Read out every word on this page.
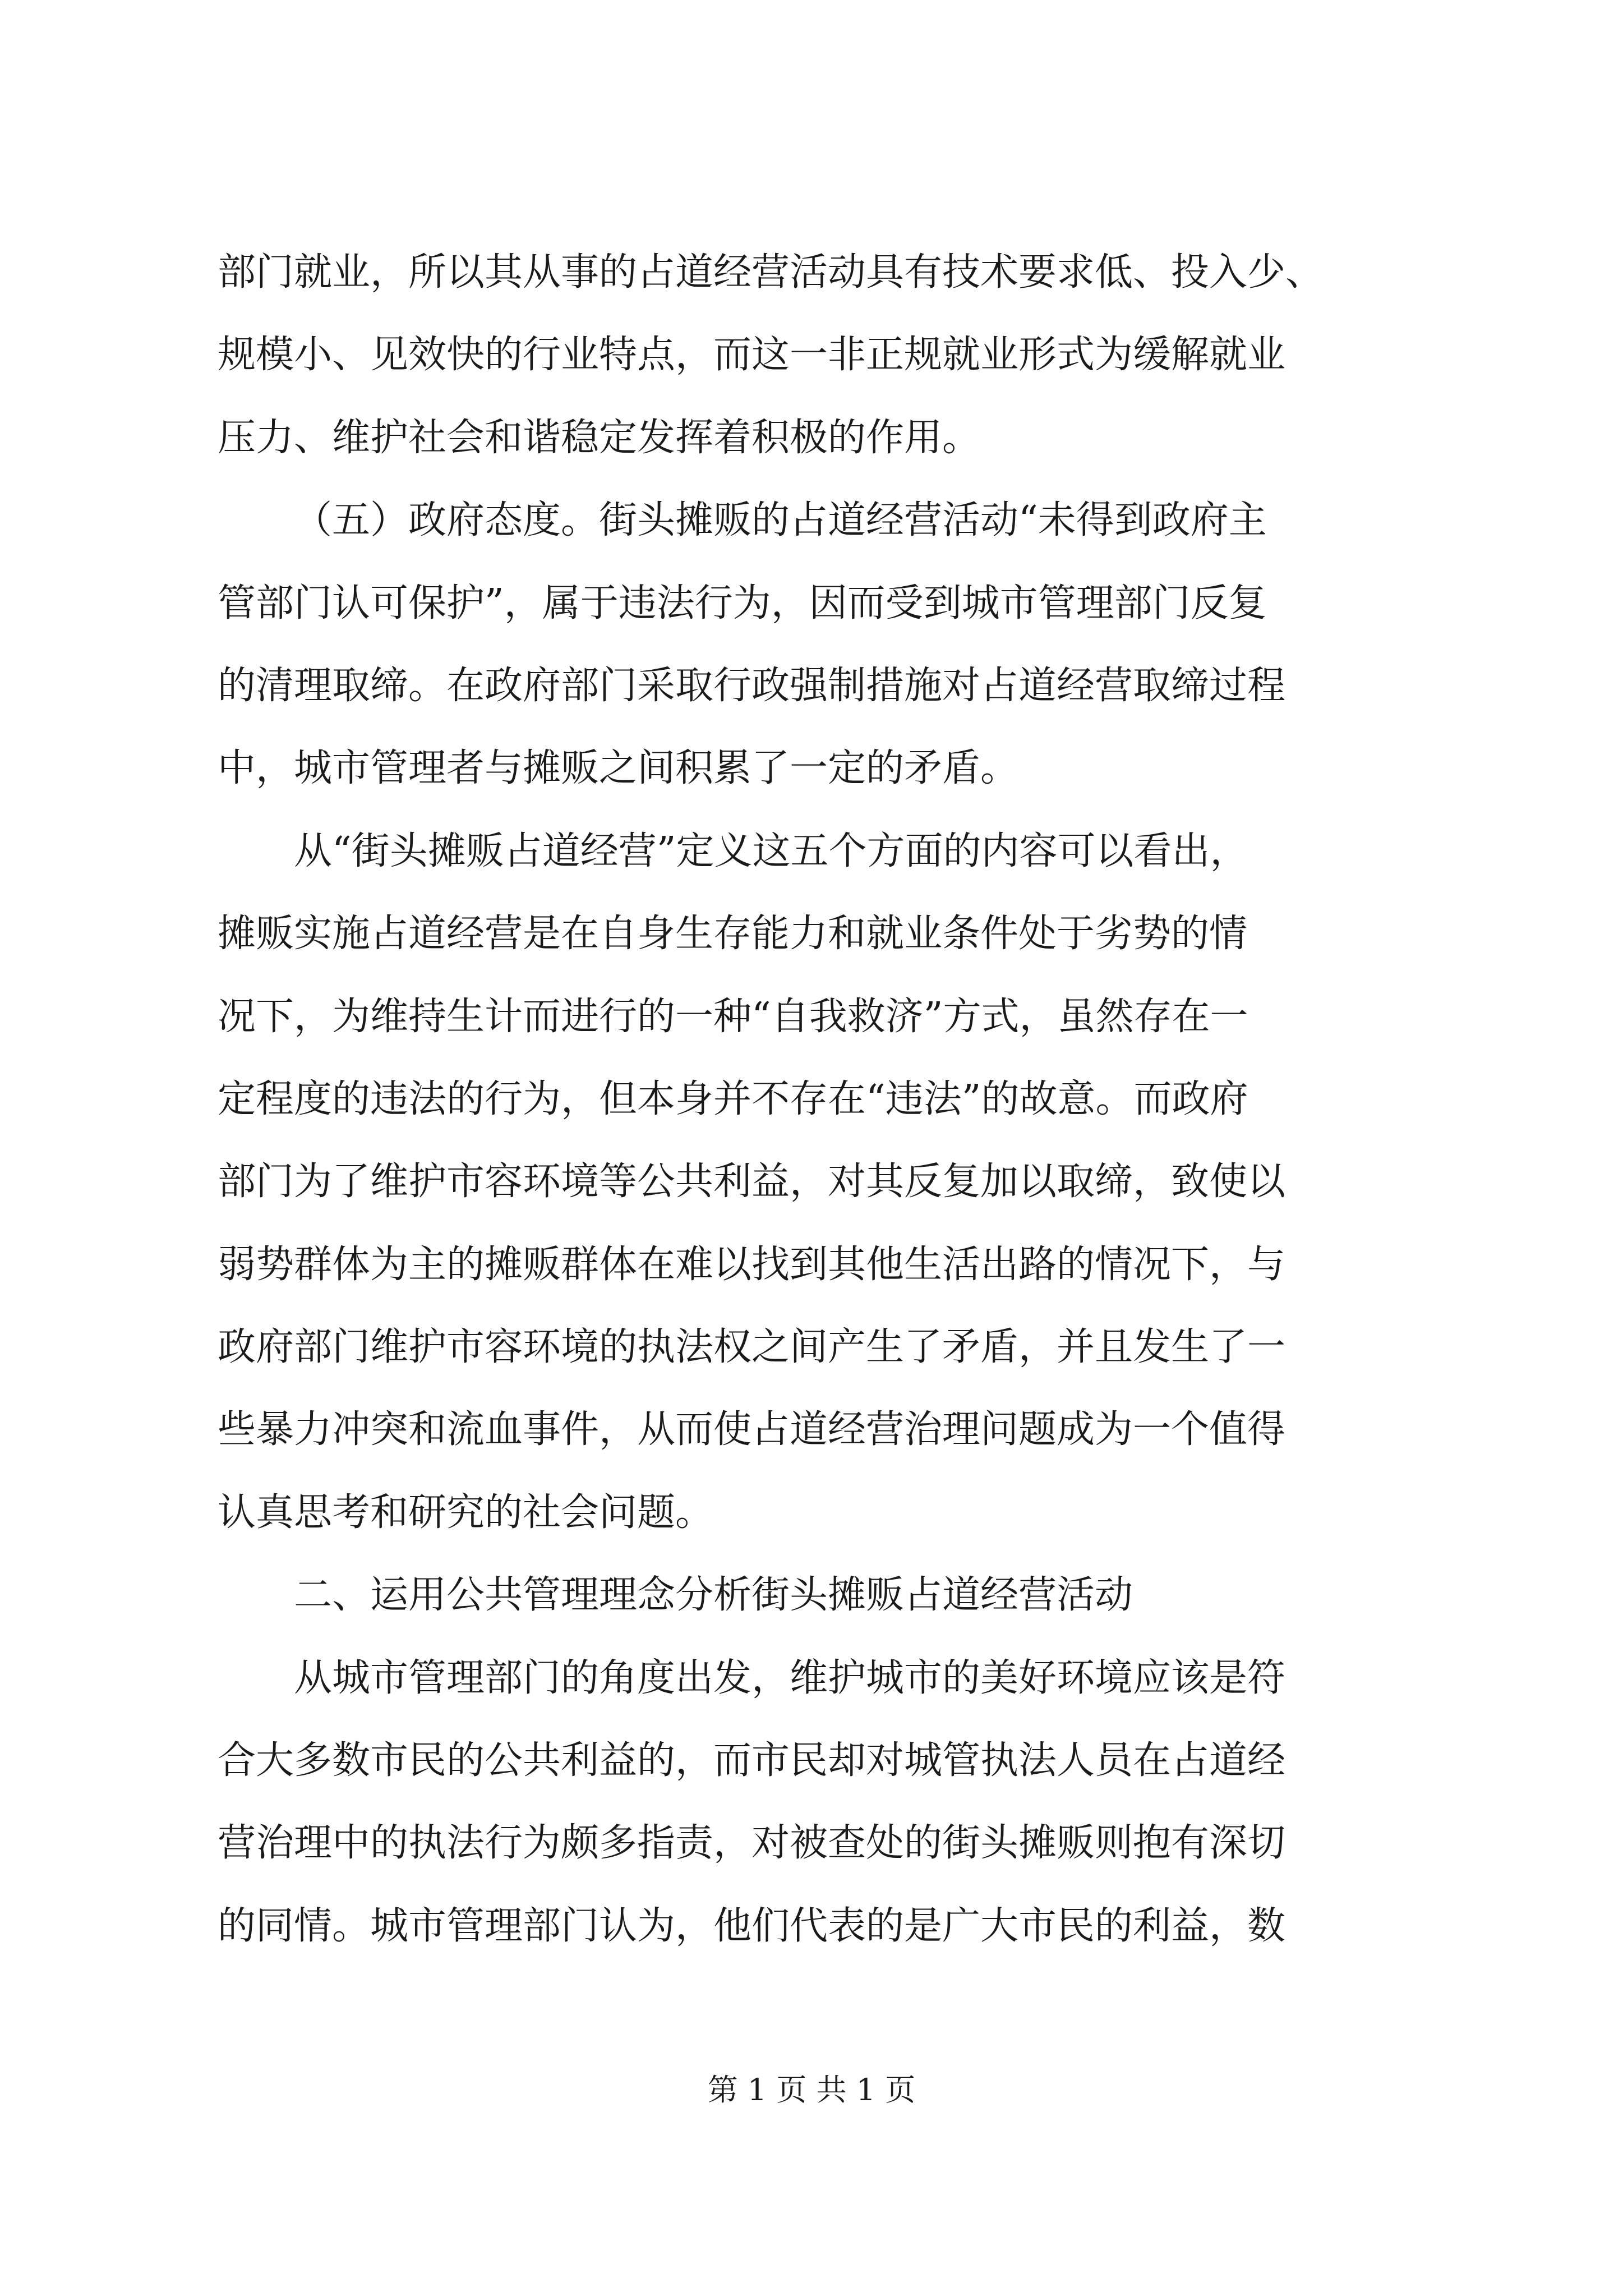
部门就业，所以其从事的占道经营活动具有技术要求低、投入少、
规模小、见效快的行业特点，而这一非正规就业形式为缓解就业
压力、维护社会和谐稳定发挥着积极的作用。
（五）政府态度。街头摊贩的占道经营活动“未得到政府主
管部门认可保护”，属于违法行为，因而受到城市管理部门反复
的清理取缔。在政府部门采取行政强制措施对占道经营取缔过程
中，城市管理者与摊贩之间积累了一定的矛盾。
从“街头摊贩占道经营”定义这五个方面的内容可以看出，
摊贩实施占道经营是在自身生存能力和就业条件处于劣势的情
况下，为维持生计而进行的一种“自我救济”方式，虽然存在一
定程度的违法的行为，但本身并不存在“违法”的故意。而政府
部门为了维护市容环境等公共利益，对其反复加以取缔，致使以
弱势群体为主的摊贩群体在难以找到其他生活出路的情况下，与
政府部门维护市容环境的执法权之间产生了矛盾，并且发生了一
些暴力冲突和流血事件，从而使占道经营治理问题成为一个值得
认真思考和研究的社会问题。
二、运用公共管理理念分析街头摊贩占道经营活动
从城市管理部门的角度出发，维护城市的美好环境应该是符
合大多数市民的公共利益的，而市民却对城管执法人员在占道经
营治理中的执法行为颇多指责，对被查处的街头摊贩则抱有深切
的同情。城市管理部门认为，他们代表的是广大市民的利益，数
第 1 页 共 1 页
